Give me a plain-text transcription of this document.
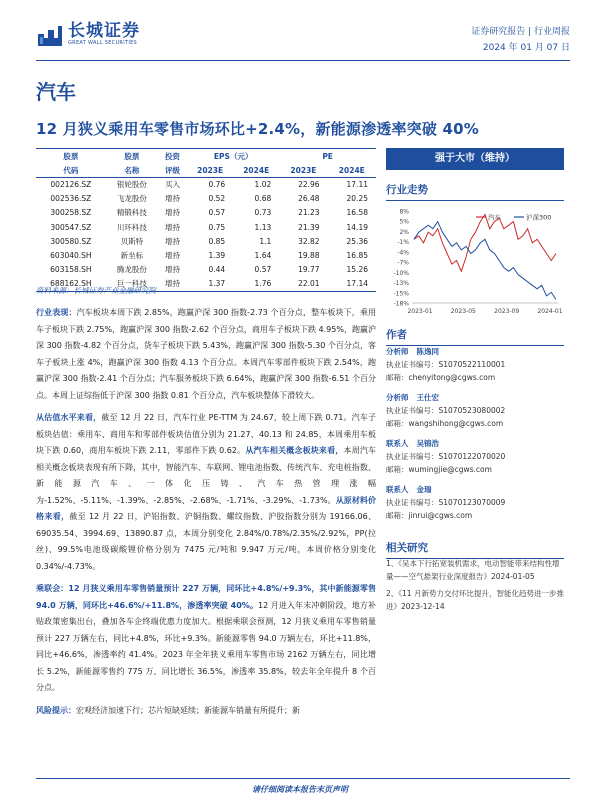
长城证券
GREAT WALL SECURITIES
证券研究报告 | 行业周报
2024 年 01 月 07 日
汽车
12 月狭义乘用车零售市场环比+2.4%，新能源渗透率突破 40%
股票	股票	投资	EPS（元）		PE	
代码	名称	评级	2023E	2024E	2023E	2024E
002126.SZ	银轮股份	买入	0.76	1.02	22.96	17.11
002536.SZ	飞龙股份	增持	0.52	0.68	26.48	20.25
300258.SZ	精锻科技	增持	0.57	0.73	21.23	16.58
300547.SZ	川环科技	增持	0.75	1.13	21.39	14.19
300580.SZ	贝斯特	增持	0.85	1.1	32.82	25.36
603040.SH	新坐标	增持	1.39	1.64	19.88	16.85
603158.SH	腾龙股份	增持	0.44	0.57	19.77	15.26
688162.SH	巨一科技	增持	1.37	1.76	22.01	17.14
资料来源：长城证券产业金融研究院
强于大市（维持）
行业走势
8%
5%
2%
-1%
-4%
-7%
-10%
-13%
-15%
-18%
2023-01	2023-05	2023-09	2024-01
汽车	沪深300
作者
分析师 陈逸同
执业证书编号：S1070522110001
邮箱：chenyitong@cgws.com
分析师 王仕宏
执业证书编号：S1070523080002
邮箱：wangshihong@cgws.com
联系人 吴锦浩
执业证书编号：S1070122070020
邮箱：wumingjie@cgws.com
联系人 金瑞
执业证书编号：S1070123070009
邮箱：jinrui@cgws.com
相关研究
1、《吴本下行拓宽装机需求，电动智能带来结构性增量——空气悬架行业深度报告》2024-01-05
2、《11 月新势力交付环比提升，智能化趋势进一步推进》2023-12-14

行业表现：汽车板块本周下跌 2.85%，跑赢沪深 300 指数-2.73 个百分点，整车板块下，乘用车子板块下跌 2.75%，跑赢沪深 300 指数-2.62 个百分点，商用车子板块下跌 4.95%，跑赢沪深 300 指数-4.82 个百分点，货车子板块下跌 5.43%，跑赢沪深 300 指数-5.30 个百分点，客车子板块上涨 4%，跑赢沪深 300 指数 4.13 个百分点。本周汽车零部件板块下跌 2.54%，跑赢沪深 300 指数-2.41 个百分点；汽车服务板块下跌 6.64%，跑赢沪深 300 指数-6.51 个百分点。本周上证综指低于沪深 300 指数 0.81 个百分点，汽车板块整体下滑较大。

从估值水平来看，截至 12 月 22 日，汽车行业 PE-TTM 为 24.67，较上周下跌 0.71。汽车子板块估值：乘用车、商用车和零部件板块估值分别为 21.27、40.13 和 24.85，本周乘用车板块下跌 0.60，商用车板块下跌 2.11，零部件下跌 0.62。从汽车相关概念板块来看，本周汽车相关概念板块表现有所下降，其中，智能汽车、车联网、锂电池指数、传统汽车、充电桩指数、新能源汽车、一体化压铸、汽车热管理涨幅为-1.52%、-5.11%、-1.39%、-2.85%、-2.68%、-1.71%、-3.29%、-1.73%。从原材料价格来看，截至 12 月 22 日，沪铝指数、沪铜指数、螺纹指数、沪胶指数分别为 19166.06、69035.54、3994.69、13890.87 点，本周分别变化 2.84%/0.78%/2.35%/2.92%，PP(拉丝)、99.5%电池级碳酸锂价格分别为 7475 元/吨和 9.947 万元/吨，本周价格分别变化 0.34%/-4.73%。

乘联会：12 月狭义乘用车零售销量预计 227 万辆，同环比+4.8%/+9.3%，其中新能源零售 94.0 万辆，同环比+46.6%/+11.8%，渗透率突破 40%。12 月进入年末冲刺阶段，地方补贴政策密集出台，叠加各车企终端优惠力度加大。根据乘联会预测，12 月狭义乘用车零售销量预计 227 万辆左右，同比+4.8%，环比+9.3%。新能源零售 94.0 万辆左右，环比+11.8%，同比+46.6%，渗透率约 41.4%。2023 年全年狭义乘用车零售市场 2162 万辆左右，同比增长 5.2%，新能源零售约 775 万，同比增长 36.5%，渗透率 35.8%，较去年全年提升 8 个百分点。

风险提示：宏观经济加速下行；芯片短缺延续；新能源车销量有所提升；新

请仔细阅读本报告末页声明
